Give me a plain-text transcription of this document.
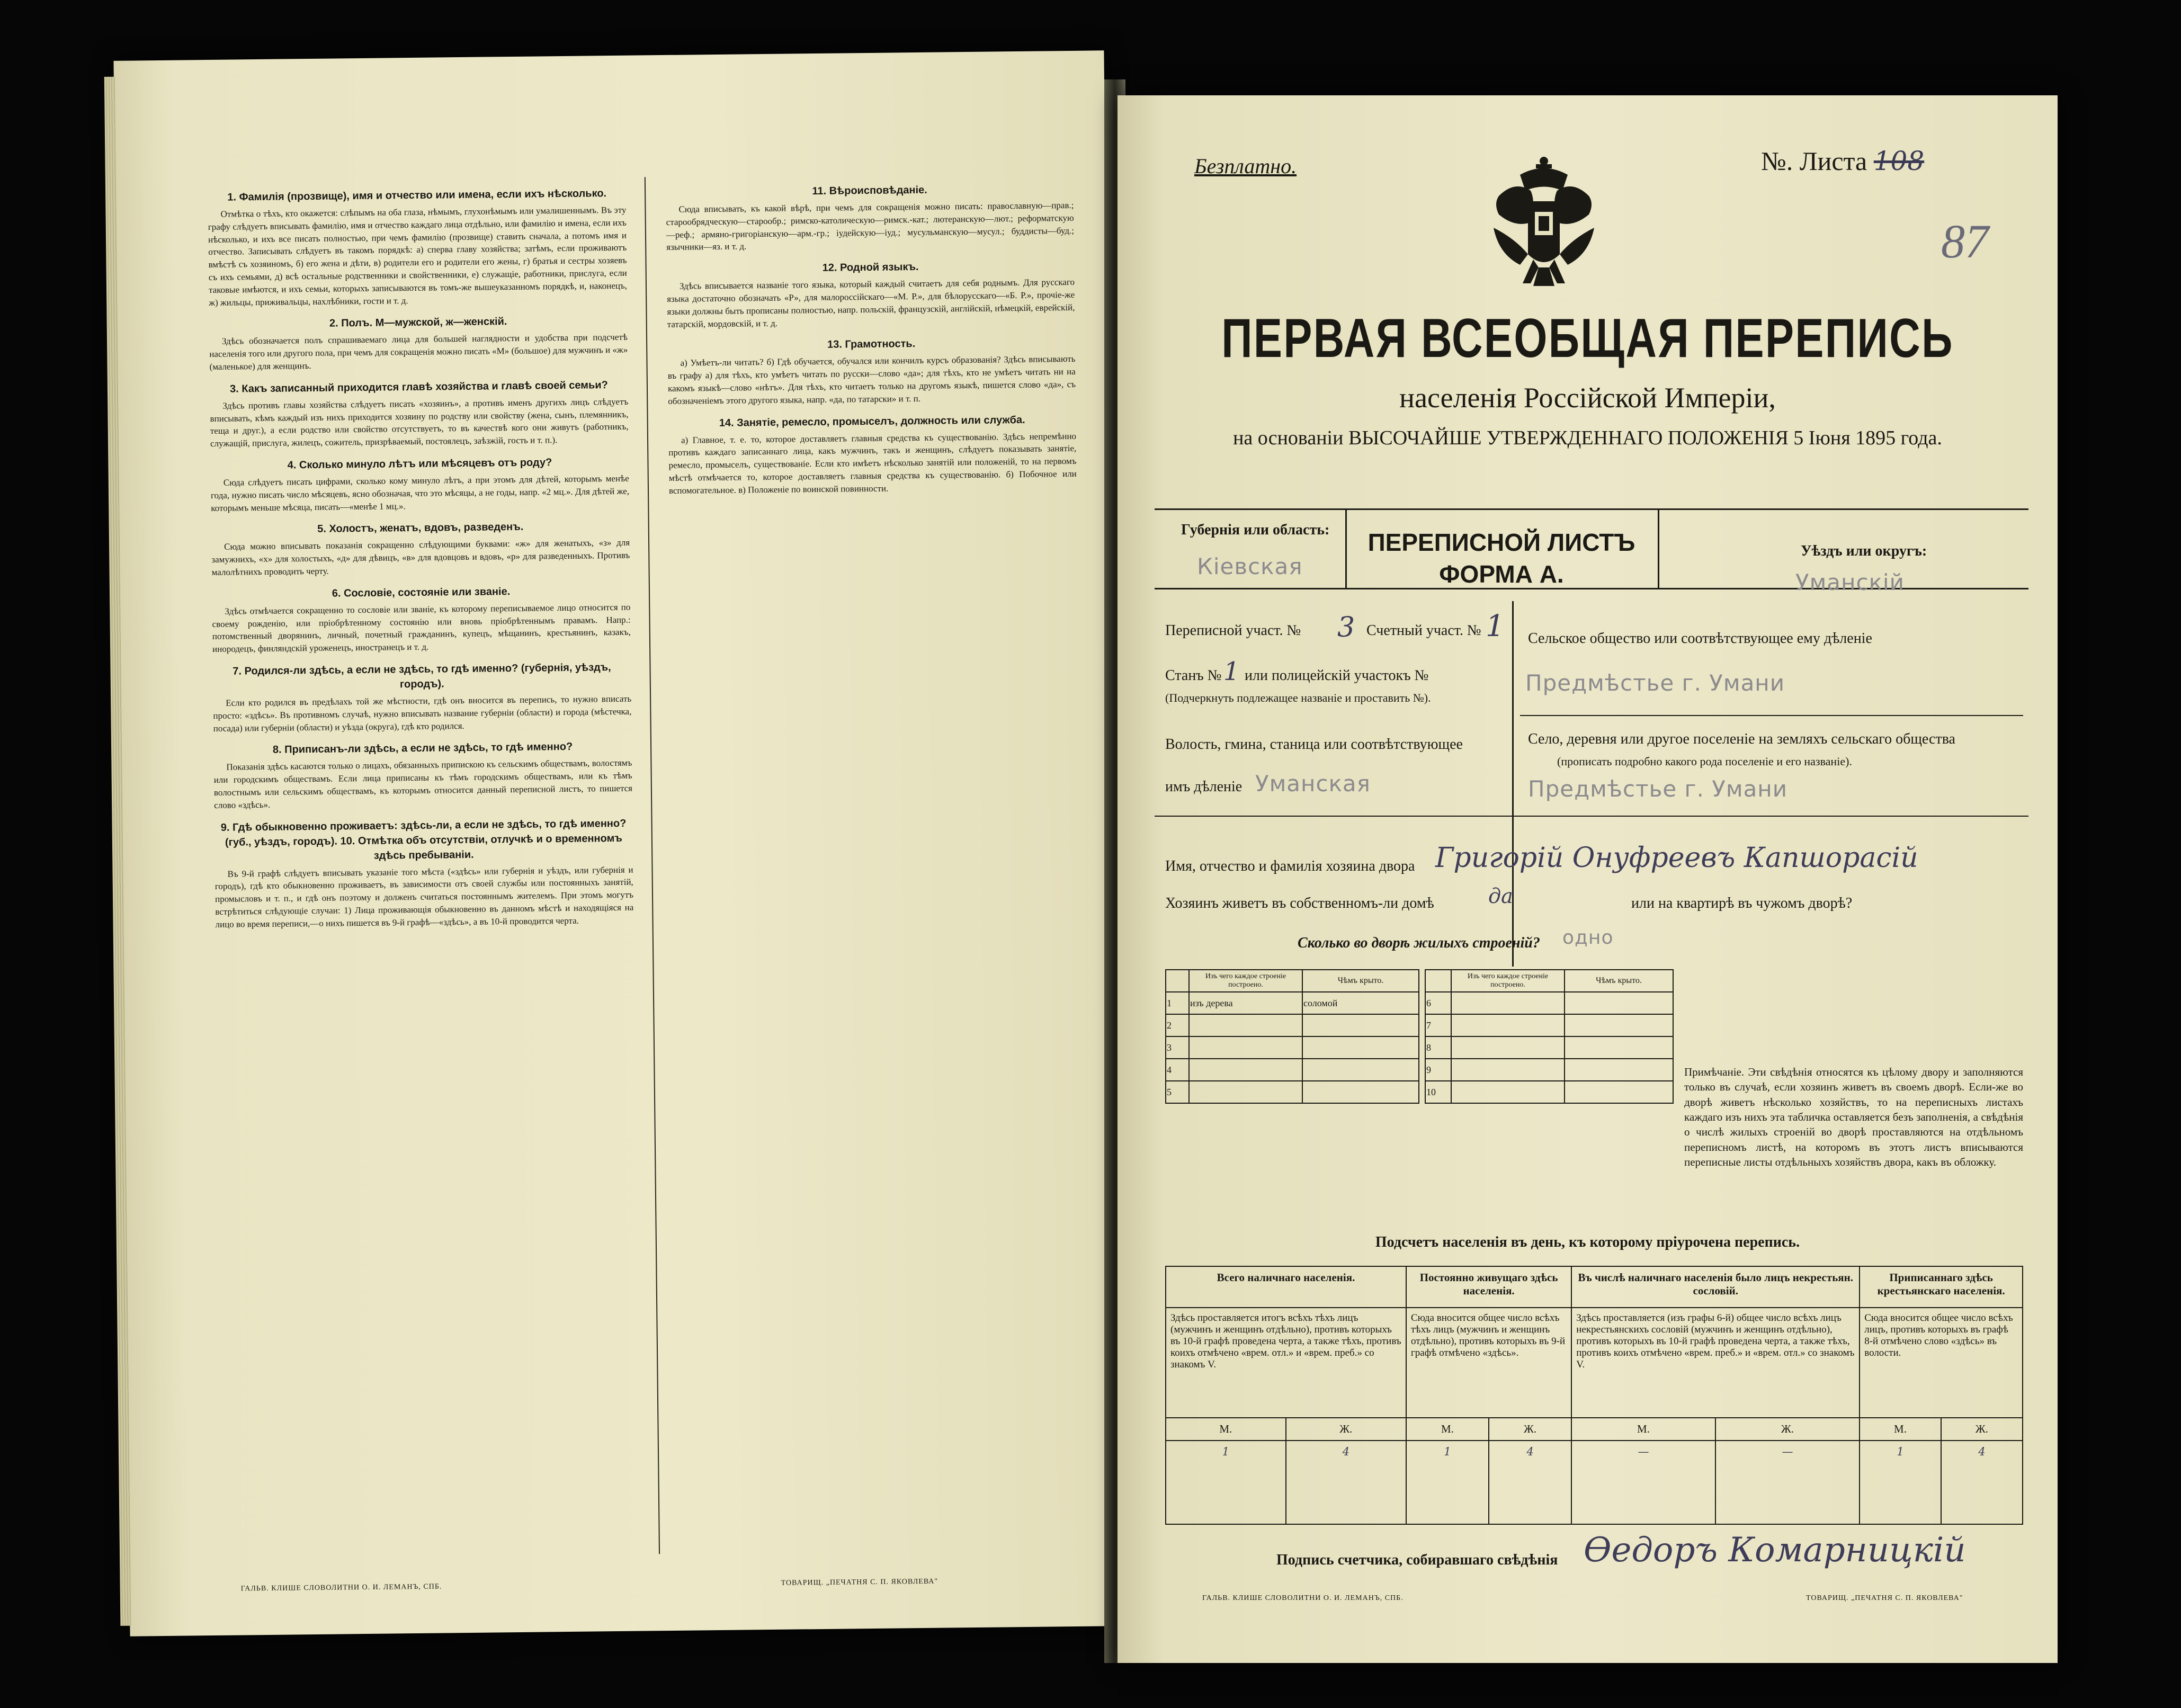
1. Фамилія (прозвище), имя и отчество или имена, если ихъ нѣсколько.

Отмѣтка о тѣхъ, кто окажется: слѣпымъ на оба глаза, нѣмымъ, глухонѣмымъ или умалишеннымъ. Въ эту графу слѣдуетъ вписывать фамилію, имя и отчество каждаго лица отдѣльно, или фамилію и имена, если ихъ нѣсколько, и ихъ все писать полностью, при чемъ фамилію (прозвище) ставить сначала, а потомъ имя и отчество. Записывать слѣдуетъ въ такомъ порядкѣ: а) сперва главу хозяйства; затѣмъ, если проживаютъ вмѣстѣ съ хозяиномъ, б) его жена и дѣти, в) родители его и родители его жены, г) братья и сестры хозяевъ съ ихъ семьями, д) всѣ остальные родственники и свойственники, е) служащіе, работники, прислуга, если таковые имѣются, и ихъ семьи, которыхъ записываются въ томъ-же вышеуказанномъ порядкѣ, и, наконецъ, ж) жильцы, приживальцы, нахлѣбники, гости и т. д.

2. Полъ. М—мужской, ж—женскій.

Здѣсь обозначается полъ спрашиваемаго лица для большей наглядности и удобства при подсчетѣ населенія того или другого пола, при чемъ для сокращенія можно писать «М» (большое) для мужчинъ и «ж» (маленькое) для женщинъ.

3. Какъ записанный приходится главѣ хозяйства и главѣ своей семьи?

Здѣсь противъ главы хозяйства слѣдуетъ писать «хозяинъ», а противъ именъ другихъ лицъ слѣдуетъ вписывать, кѣмъ каждый изъ нихъ приходится хозяину по родству или свойству (жена, сынъ, племянникъ, теща и друг.), а если родство или свойство отсутствуетъ, то въ качествѣ кого они живутъ (работникъ, служащій, прислуга, жилецъ, сожитель, призрѣваемый, постоялецъ, заѣзжій, гость и т. п.).

4. Сколько минуло лѣтъ или мѣсяцевъ отъ роду?

Сюда слѣдуетъ писать цифрами, сколько кому минуло лѣтъ, а при этомъ для дѣтей, которымъ менѣе года, нужно писать число мѣсяцевъ, ясно обозначая, что это мѣсяцы, а не годы, напр. «2 мц.». Для дѣтей же, которымъ меньше мѣсяца, писать—«менѣе 1 мц.».

5. Холостъ, женатъ, вдовъ, разведенъ.

Сюда можно вписывать показанія сокращенно слѣдующими буквами: «ж» для женатыхъ, «з» для замужнихъ, «х» для холостыхъ, «д» для дѣвицъ, «в» для вдовцовъ и вдовъ, «р» для разведенныхъ. Противъ малолѣтнихъ проводить черту.

6. Сословіе, состояніе или званіе.

Здѣсь отмѣчается сокращенно то сословіе или званіе, къ которому переписываемое лицо относится по своему рожденію, или пріобрѣтенному состоянію или вновь пріобрѣтеннымъ правамъ. Напр.: потомственный дворянинъ, личный, почетный гражданинъ, купецъ, мѣщанинъ, крестьянинъ, казакъ, инородецъ, финляндскій уроженецъ, иностранецъ и т. д.

7. Родился-ли здѣсь, а если не здѣсь, то гдѣ именно? (губернія, уѣздъ, городъ).

Если кто родился въ предѣлахъ той же мѣстности, гдѣ онъ вносится въ перепись, то нужно вписать просто: «здѣсь». Въ противномъ случаѣ, нужно вписывать название губерніи (области) и города (мѣстечка, посада) или губерніи (области) и уѣзда (округа), гдѣ кто родился.

8. Приписанъ-ли здѣсь, а если не здѣсь, то гдѣ именно?

Показанія здѣсь касаются только о лицахъ, обязанныхъ припискою къ сельскимъ обществамъ, волостямъ или городскимъ обществамъ. Если лица приписаны къ тѣмъ городскимъ обществамъ, или къ тѣмъ волостнымъ или сельскимъ обществамъ, къ которымъ относится данный переписной листъ, то пишется слово «здѣсь».

9. Гдѣ обыкновенно проживаетъ: здѣсь-ли, а если не здѣсь, то гдѣ именно? (губ., уѣздъ, городъ). 10. Отмѣтка объ отсутствіи, отлучкѣ и о временномъ здѣсь пребываніи.

Въ 9-й графѣ слѣдуетъ вписывать указаніе того мѣста («здѣсь» или губернія и уѣздъ, или губернія и городъ), гдѣ кто обыкновенно проживаетъ, въ зависимости отъ своей службы или постоянныхъ занятій, промысловъ и т. п., и гдѣ онъ поэтому и долженъ считаться постояннымъ жителемъ. При этомъ могутъ встрѣтиться слѣдующіе случаи: 1) Лица проживающія обыкновенно въ данномъ мѣстѣ и находящіяся на лицо во время переписи,—о нихъ пишется въ 9-й графѣ—«здѣсь», а въ 10-й проводится черта.

11. Вѣроисповѣданіе.

Сюда вписывать, къ какой вѣрѣ, при чемъ для сокращенія можно писать: православную—прав.; старообрядческую—старообр.; римско-католическую—римск.-кат.; лютеранскую—лют.; реформатскую—реф.; армяно-григоріанскую—арм.-гр.; іудейскую—іуд.; мусульманскую—мусул.; буддисты—буд.; язычники—яз. и т. д.

12. Родной языкъ.

Здѣсь вписывается названіе того языка, который каждый считаетъ для себя роднымъ. Для русскаго языка достаточно обозначать «Р», для малороссійскаго—«М. Р.», для бѣлорусскаго—«Б. Р.», прочіе-же языки должны быть прописаны полностью, напр. польскій, французскій, англійскій, нѣмецкій, еврейскій, татарскій, мордовскій, и т. д.

13. Грамотность.

а) Умѣетъ-ли читать? б) Гдѣ обучается, обучался или кончилъ курсъ образованія? Здѣсь вписывають въ графу а) для тѣхъ, кто умѣетъ читать по русски—слово «да»; для тѣхъ, кто не умѣетъ читать ни на какомъ языкѣ—слово «нѣтъ». Для тѣхъ, кто читаетъ только на другомъ языкѣ, пишется слово «да», съ обозначеніемъ этого другого языка, напр. «да, по татарски» и т. п.

14. Занятіе, ремесло, промыселъ, должность или служба.

а) Главное, т. е. то, которое доставляетъ главныя средства къ существованію. Здѣсь непремѣнно противъ каждаго записаннаго лица, какъ мужчинъ, такъ и женщинъ, слѣдуетъ показывать занятіе, ремесло, промыселъ, существованіе. Если кто имѣетъ нѣсколько занятій или положеній, то на первомъ мѣстѣ отмѣчается то, которое доставляетъ главныя средства къ существованію. б) Побочное или вспомогательное. в) Положеніе по воинской повинности.

ГАЛЬВ. КЛИШЕ СЛОВОЛИТНИ О. И. ЛЕМАНЪ, СПБ.
ТОВАРИЩ. „ПЕЧАТНЯ С. П. ЯКОВЛЕВА"
Безплатно.	№. Листа 108
87
ПЕРВАЯ ВСЕОБЩАЯ ПЕРЕПИСЬ
населенія Россійской Имперіи,
на основаніи ВЫСОЧАЙШЕ УТВЕРЖДЕННАГО ПОЛОЖЕНІЯ 5 Іюня 1895 года.
Губернія или область:
Кіевская
ПЕРЕПИСНОЙ ЛИСТЪ
ФОРМА А.
Уѣздъ или округъ:
Уманскій
Переписной участ. № 3 Счетный участ. № 1
Станъ № 1 или полицейскій участокъ №
(Подчеркнуть подлежащее названіе и проставить №).
Волость, гмина, станица или соотвѣтствующее
имъ дѣленіе Уманская
Сельское общество или соотвѣтствующее ему дѣленіе
Предмѣстье г. Умани
Село, деревня или другое поселеніе на земляхъ сельскаго общества
(прописать подробно какого рода поселеніе и его названіе).
Предмѣстье г. Умани
Имя, отчество и фамилія хозяина двора Григорій Онуфреевъ Капшорасій
Хозяинъ живетъ въ собственномъ-ли домѣ	да	или на квартирѣ въ чужомъ дворѣ?
Сколько во дворѣ жилыхъ строеній? одно
	Изъ чего каждое строеніе построено.	Чѣмъ крыто.
1	изъ дерева	соломой
2		
3		
4		
5		
	Изъ чего каждое строеніе построено.	Чѣмъ крыто.
6		
7		
8		
9		
10		
Примѣчаніе. Эти свѣдѣнія относятся къ цѣлому двору и заполняются только въ случаѣ, если хозяинъ живетъ въ своемъ дворѣ. Если-же во дворѣ живетъ нѣсколько хозяйствъ, то на переписныхъ листахъ каждаго изъ нихъ эта табличка оставляется безъ заполненія, а свѣдѣнія о числѣ жилыхъ строеній во дворѣ проставляются на отдѣльномъ переписномъ листѣ, на которомъ въ этотъ листъ вписываются переписные листы отдѣльныхъ хозяйствъ двора, какъ въ обложку.
Подсчетъ населенія въ день, къ которому пріурочена перепись.
Всего наличнаго населенія.		Постоянно живущаго здѣсь населенія.		Въ числѣ наличнаго населенія было лицъ некрестьян. сословій.		Приписаннаго здѣсь крестьянскаго населенія.	
Здѣсь проставляется итогъ всѣхъ тѣхъ лицъ (мужчинъ и женщинъ отдѣльно), противъ которыхъ въ 10-й графѣ проведена черта, а также тѣхъ, противъ коихъ отмѣчено «врем. отл.» и «врем. преб.» со знакомъ V.		Сюда вносится общее число всѣхъ тѣхъ лицъ (мужчинъ и женщинъ отдѣльно), противъ которыхъ въ 9-й графѣ отмѣчено «здѣсь».		Здѣсь проставляется (изъ графы 6-й) общее число всѣхъ лицъ некрестьянскихъ сословій (мужчинъ и женщинъ отдѣльно), противъ которыхъ въ 10-й графѣ проведена черта, а также тѣхъ, противъ коихъ отмѣчено «врем. преб.» и «врем. отл.» со знакомъ V.		Сюда вносится общее число всѣхъ лицъ, противъ которыхъ въ графѣ 8-й отмѣчено слово «здѣсь» въ волости.	
М.	Ж.	М.	Ж.	М.	Ж.	М.	Ж.
1	4	1	4	—	—	1	4
Подпись счетчика, собиравшаго свѣдѣнія Өедоръ Комарницкій
ГАЛЬВ. КЛИШЕ СЛОВОЛИТНИ О. И. ЛЕМАНЪ, СПБ.	ТОВАРИЩ. „ПЕЧАТНЯ С. П. ЯКОВЛЕВА"
